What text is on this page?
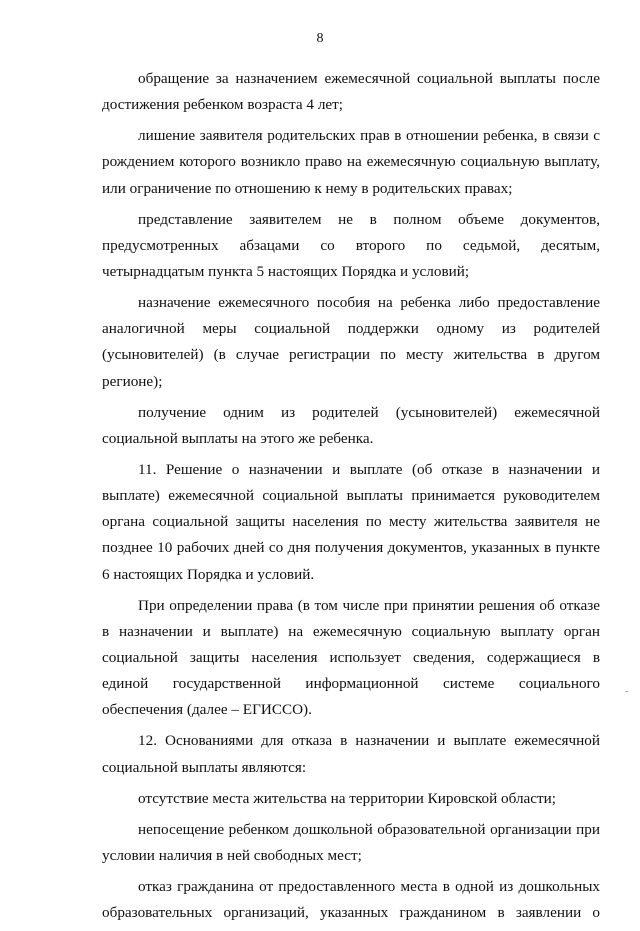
8

обращение за назначением ежемесячной социальной выплаты после достижения ребенком возраста 4 лет;

лишение заявителя родительских прав в отношении ребенка, в связи с рождением которого возникло право на ежемесячную социальную выплату, или ограничение по отношению к нему в родительских правах;

представление заявителем не в полном объеме документов, предусмотренных абзацами со второго по седьмой, десятым, четырнадцатым пункта 5 настоящих Порядка и условий;

назначение ежемесячного пособия на ребенка либо предоставление аналогичной меры социальной поддержки одному из родителей (усыновителей) (в случае регистрации по месту жительства в другом регионе);

получение одним из родителей (усыновителей) ежемесячной социальной выплаты на этого же ребенка.

11. Решение о назначении и выплате (об отказе в назначении и выплате) ежемесячной социальной выплаты принимается руководителем органа социальной защиты населения по месту жительства заявителя не позднее 10 рабочих дней со дня получения документов, указанных в пункте 6 настоящих Порядка и условий.

При определении права (в том числе при принятии решения об отказе в назначении и выплате) на ежемесячную социальную выплату орган социальной защиты населения использует сведения, содержащиеся в единой государственной информационной системе социального обеспечения (далее – ЕГИССО).

12. Основаниями для отказа в назначении и выплате ежемесячной социальной выплаты являются:

отсутствие места жительства на территории Кировской области;

непосещение ребенком дошкольной образовательной организации при условии наличия в ней свободных мест;

отказ гражданина от предоставленного места в одной из дошкольных образовательных организаций, указанных гражданином в заявлении о

-
